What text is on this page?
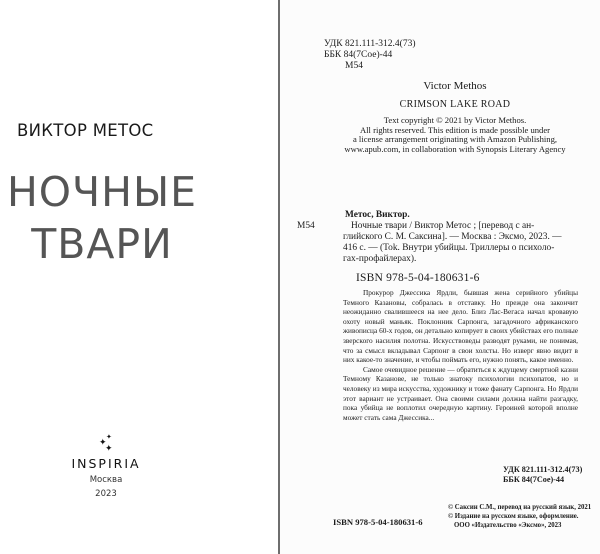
ВИКТОР МЕТОС
НОЧНЫЕ
ТВАРИ
✦
✦
✦
INSPIRIA
Москва
2023
УДК 821.111-312.4(73)
ББК 84(7Сое)-44
М54
Victor Methos
CRIMSON LAKE ROAD
Text copyright © 2021 by Victor Methos.
All rights reserved. This edition is made possible under
a license arrangement originating with Amazon Publishing,
www.apub.com, in collaboration with Synopsis Literary Agency
Метос, Виктор.
М54	Ночные твари / Виктор Метос ; [перевод с ан-
глийского С. М. Саксина]. — Москва : Эксмо, 2023. —
416 с. — (Tok. Внутри убийцы. Триллеры о психоло-
гах-профайлерах).
ISBN 978-5-04-180631-6

Прокурор Джессика Ярдли, бывшая жена серийного убийцы Темного Казановы, собралась в отставку. Но прежде она закончит неожиданно свалившееся на нее дело. Близ Лас-Вегаса начал кровавую охоту новый маньяк. Поклонник Сарпонга, загадочного африканского живописца 60-х годов, он детально копирует в своих убийствах его полные зверского насилия полотна. Искусствоведы разводят руками, не понимая, что за смысл вкладывал Сарпонг в свои холсты. Но изверг явно видит в них какое-то значение, и чтобы поймать его, нужно понять, какое именно.

Самое очевидное решение — обратиться к ждущему смертной казни Темному Казанове, не только знатоку психологии психопатов, но и человеку из мира искусства, художнику и тоже фанату Сарпонга. Но Ярдли этот вариант не устраивает. Она своими силами должна найти разгадку, пока убийца не воплотил очередную картину. Героиней которой вполне может стать сама Джессика...

УДК 821.111-312.4(73)
ББК 84(7Сое)-44
ISBN 978-5-04-180631-6
© Саксин С.М., перевод на русский язык, 2021
© Издание на русском языке, оформление.
ООО «Издательство «Эксмо», 2023
